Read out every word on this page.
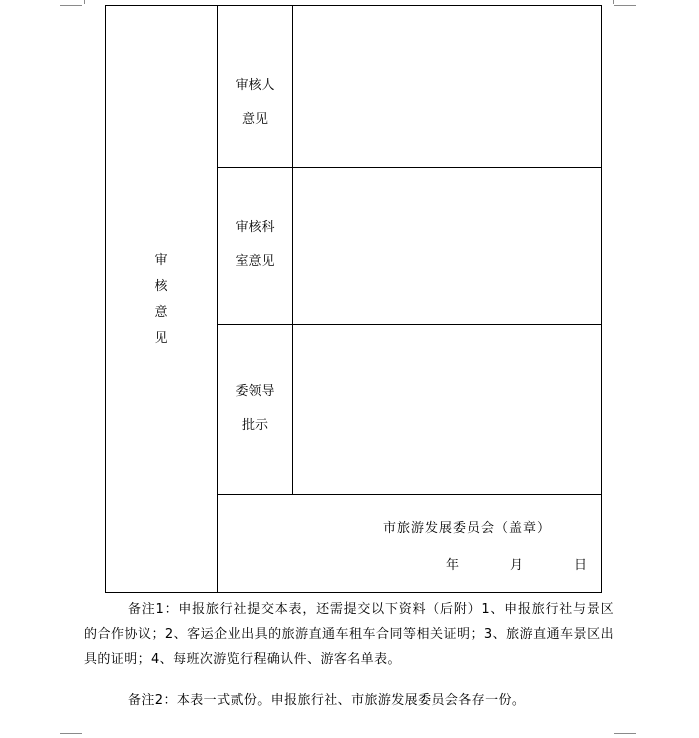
审核意见
审核人
意见
审核科
室意见
委领导
批示
市旅游发展委员会（盖章）
年	月	日
备注1：申报旅行社提交本表，还需提交以下资料（后附）1、申报旅行社与景区的合作协议；2、客运企业出具的旅游直通车租车合同等相关证明；3、旅游直通车景区出具的证明；4、每班次游览行程确认件、游客名单表。
备注2：本表一式贰份。申报旅行社、市旅游发展委员会各存一份。
